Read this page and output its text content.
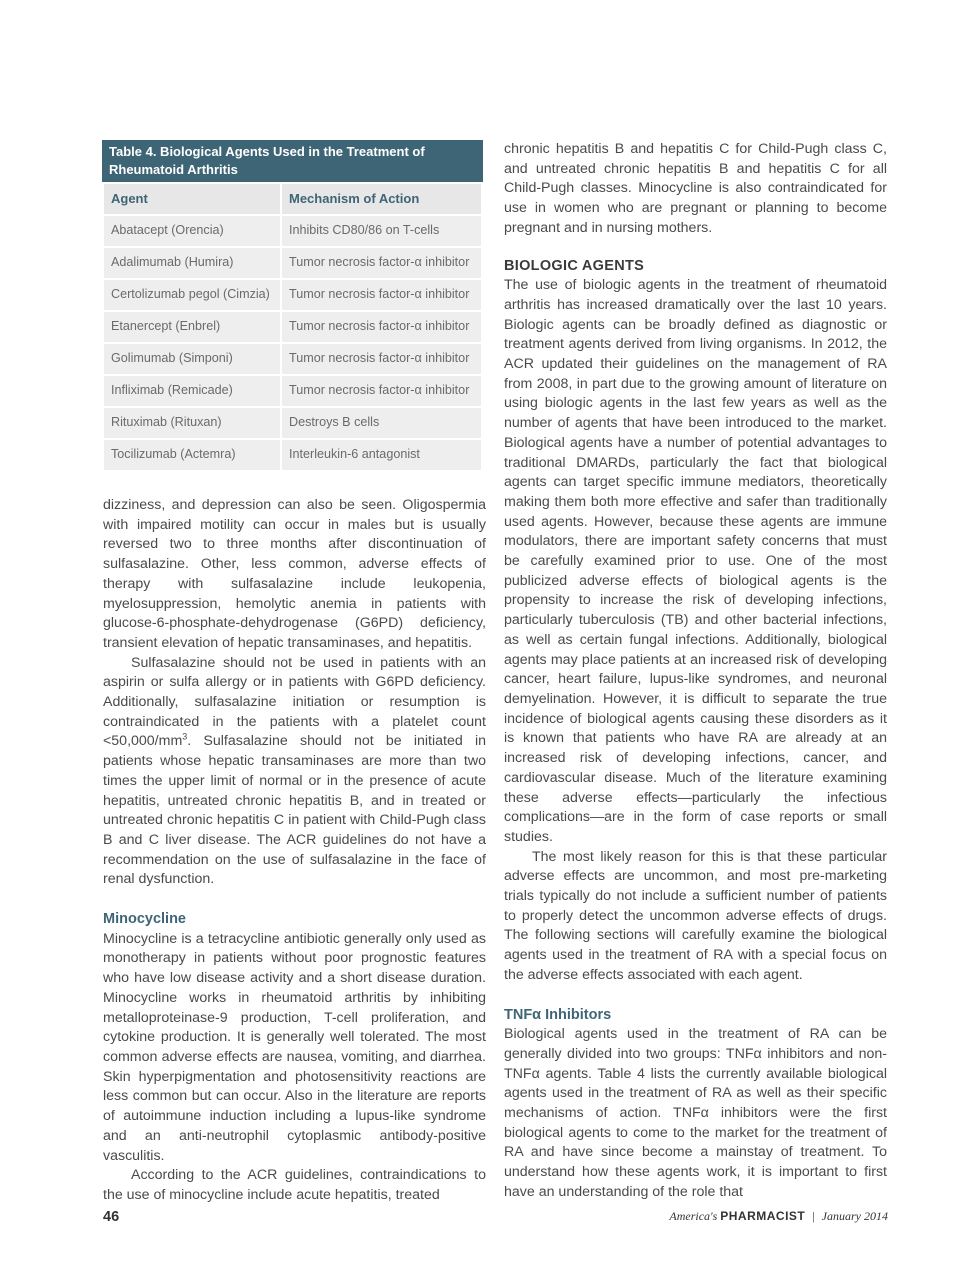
Table 4. Biological Agents Used in the Treatment of Rheumatoid Arthritis
Agent	Mechanism of Action
Abatacept (Orencia)	Inhibits CD80/86 on T-cells
Adalimumab (Humira)	Tumor necrosis factor-α inhibitor
Certolizumab pegol (Cimzia)	Tumor necrosis factor-α inhibitor
Etanercept (Enbrel)	Tumor necrosis factor-α inhibitor
Golimumab (Simponi)	Tumor necrosis factor-α inhibitor
Infliximab (Remicade)	Tumor necrosis factor-α inhibitor
Rituximab (Rituxan)	Destroys B cells
Tocilizumab (Actemra)	Interleukin-6 antagonist

dizziness, and depression can also be seen. Oligospermia with impaired motility can occur in males but is usually reversed two to three months after discontinuation of sulfasalazine. Other, less common, adverse effects of therapy with sulfasalazine include leukopenia, myelosuppression, hemolytic anemia in patients with glucose-6-phosphate-dehydrogenase (G6PD) deficiency, transient elevation of hepatic transaminases, and hepatitis.

Sulfasalazine should not be used in patients with an aspirin or sulfa allergy or in patients with G6PD deficiency. Additionally, sulfasalazine initiation or resumption is contraindicated in the patients with a platelet count $<50,000/mm^3$. Sulfasalazine should not be initiated in patients whose hepatic transaminases are more than two times the upper limit of normal or in the presence of acute hepatitis, untreated chronic hepatitis B, and in treated or untreated chronic hepatitis C in patient with Child-Pugh class B and C liver disease. The ACR guidelines do not have a recommendation on the use of sulfasalazine in the face of renal dysfunction.

Minocycline

Minocycline is a tetracycline antibiotic generally only used as monotherapy in patients without poor prognostic features who have low disease activity and a short disease duration. Minocycline works in rheumatoid arthritis by inhibiting metalloproteinase-9 production, T-cell proliferation, and cytokine production. It is generally well tolerated. The most common adverse effects are nausea, vomiting, and diarrhea. Skin hyperpigmentation and photosensitivity reactions are less common but can occur. Also in the literature are reports of autoimmune induction including a lupus-like syndrome and an anti-neutrophil cytoplasmic antibody-positive vasculitis.

According to the ACR guidelines, contraindications to the use of minocycline include acute hepatitis, treated

chronic hepatitis B and hepatitis C for Child-Pugh class C, and untreated chronic hepatitis B and hepatitis C for all Child-Pugh classes. Minocycline is also contraindicated for use in women who are pregnant or planning to become pregnant and in nursing mothers.

BIOLOGIC AGENTS

The use of biologic agents in the treatment of rheumatoid arthritis has increased dramatically over the last 10 years. Biologic agents can be broadly defined as diagnostic or treatment agents derived from living organisms. In 2012, the ACR updated their guidelines on the management of RA from 2008, in part due to the growing amount of literature on using biologic agents in the last few years as well as the number of agents that have been introduced to the market. Biological agents have a number of potential advantages to traditional DMARDs, particularly the fact that biological agents can target specific immune mediators, theoretically making them both more effective and safer than traditionally used agents. However, because these agents are immune modulators, there are important safety concerns that must be carefully examined prior to use. One of the most publicized adverse effects of biological agents is the propensity to increase the risk of developing infections, particularly tuberculosis (TB) and other bacterial infections, as well as certain fungal infections. Additionally, biological agents may place patients at an increased risk of developing cancer, heart failure, lupus-like syndromes, and neuronal demyelination. However, it is difficult to separate the true incidence of biological agents causing these disorders as it is known that patients who have RA are already at an increased risk of developing infections, cancer, and cardiovascular disease. Much of the literature examining these adverse effects—particularly the infectious complications—are in the form of case reports or small studies.

The most likely reason for this is that these particular adverse effects are uncommon, and most pre-marketing trials typically do not include a sufficient number of patients to properly detect the uncommon adverse effects of drugs. The following sections will carefully examine the biological agents used in the treatment of RA with a special focus on the adverse effects associated with each agent.

TNFα Inhibitors

Biological agents used in the treatment of RA can be generally divided into two groups: TNFα inhibitors and non-TNFα agents. Table 4 lists the currently available biological agents used in the treatment of RA as well as their specific mechanisms of action. TNFα inhibitors were the first biological agents to come to the market for the treatment of RA and have since become a mainstay of treatment. To understand how these agents work, it is important to first have an understanding of the role that

46	America's PHARMACIST | January 2014
